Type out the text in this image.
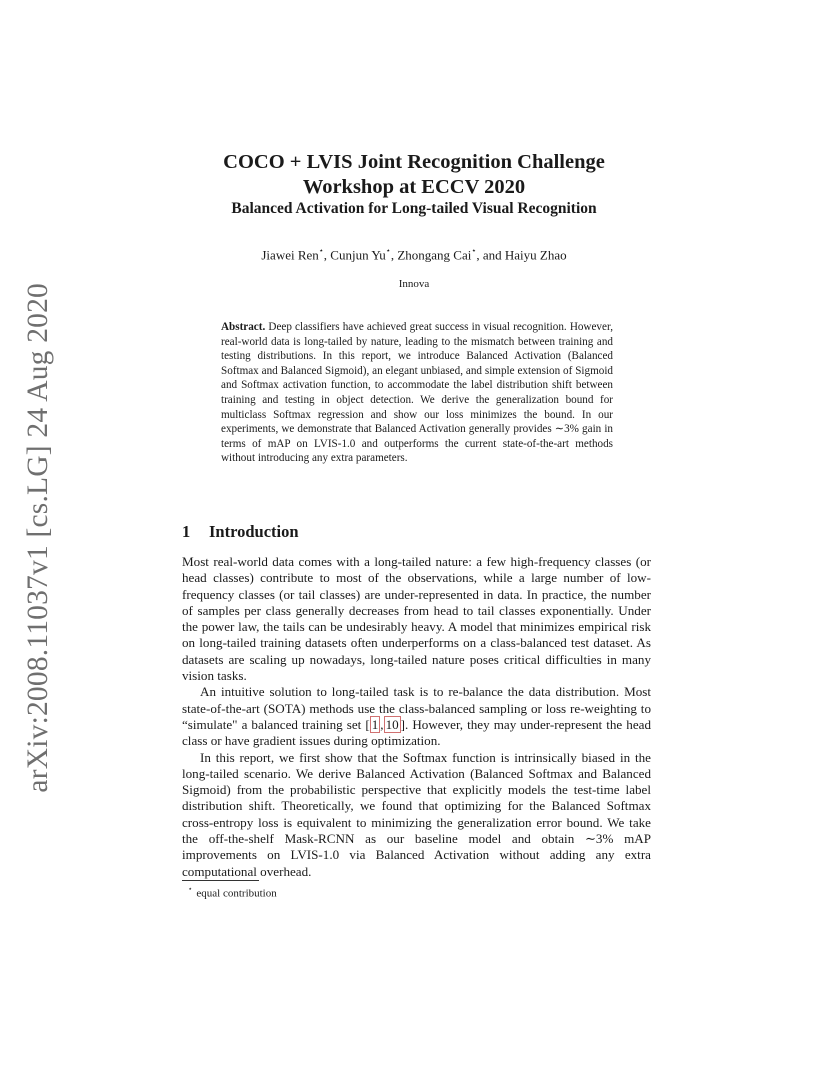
arXiv:2008.11037v1 [cs.LG] 24 Aug 2020
COCO + LVIS Joint Recognition Challenge
Workshop at ECCV 2020
Balanced Activation for Long-tailed Visual Recognition
Jiawei Ren⋆, Cunjun Yu⋆, Zhongang Cai⋆, and Haiyu Zhao
Innova
Abstract. Deep classifiers have achieved great success in visual recognition. However, real-world data is long-tailed by nature, leading to the mismatch between training and testing distributions. In this report, we introduce Balanced Activation (Balanced Softmax and Balanced Sigmoid), an elegant unbiased, and simple extension of Sigmoid and Softmax activation function, to accommodate the label distribution shift between training and testing in object detection. We derive the generalization bound for multiclass Softmax regression and show our loss minimizes the bound. In our experiments, we demonstrate that Balanced Activation generally provides ∼3% gain in terms of mAP on LVIS-1.0 and outperforms the current state-of-the-art methods without introducing any extra parameters.
1 Introduction

Most real-world data comes with a long-tailed nature: a few high-frequency classes (or head classes) contribute to most of the observations, while a large number of low-frequency classes (or tail classes) are under-represented in data. In practice, the number of samples per class generally decreases from head to tail classes exponentially. Under the power law, the tails can be undesirably heavy. A model that minimizes empirical risk on long-tailed training datasets often underperforms on a class-balanced test dataset. As datasets are scaling up nowadays, long-tailed nature poses critical difficulties in many vision tasks.

An intuitive solution to long-tailed task is to re-balance the data distribution. Most state-of-the-art (SOTA) methods use the class-balanced sampling or loss re-weighting to “simulate" a balanced training set [ 1 , 10 ]. However, they may under-represent the head class or have gradient issues during optimization.

In this report, we first show that the Softmax function is intrinsically biased in the long-tailed scenario. We derive Balanced Activation (Balanced Softmax and Balanced Sigmoid) from the probabilistic perspective that explicitly models the test-time label distribution shift. Theoretically, we found that optimizing for the Balanced Softmax cross-entropy loss is equivalent to minimizing the generalization error bound. We take the off-the-shelf Mask-RCNN as our baseline model and obtain ∼3% mAP improvements on LVIS-1.0 via Balanced Activation without adding any extra computational overhead.

⋆ equal contribution
